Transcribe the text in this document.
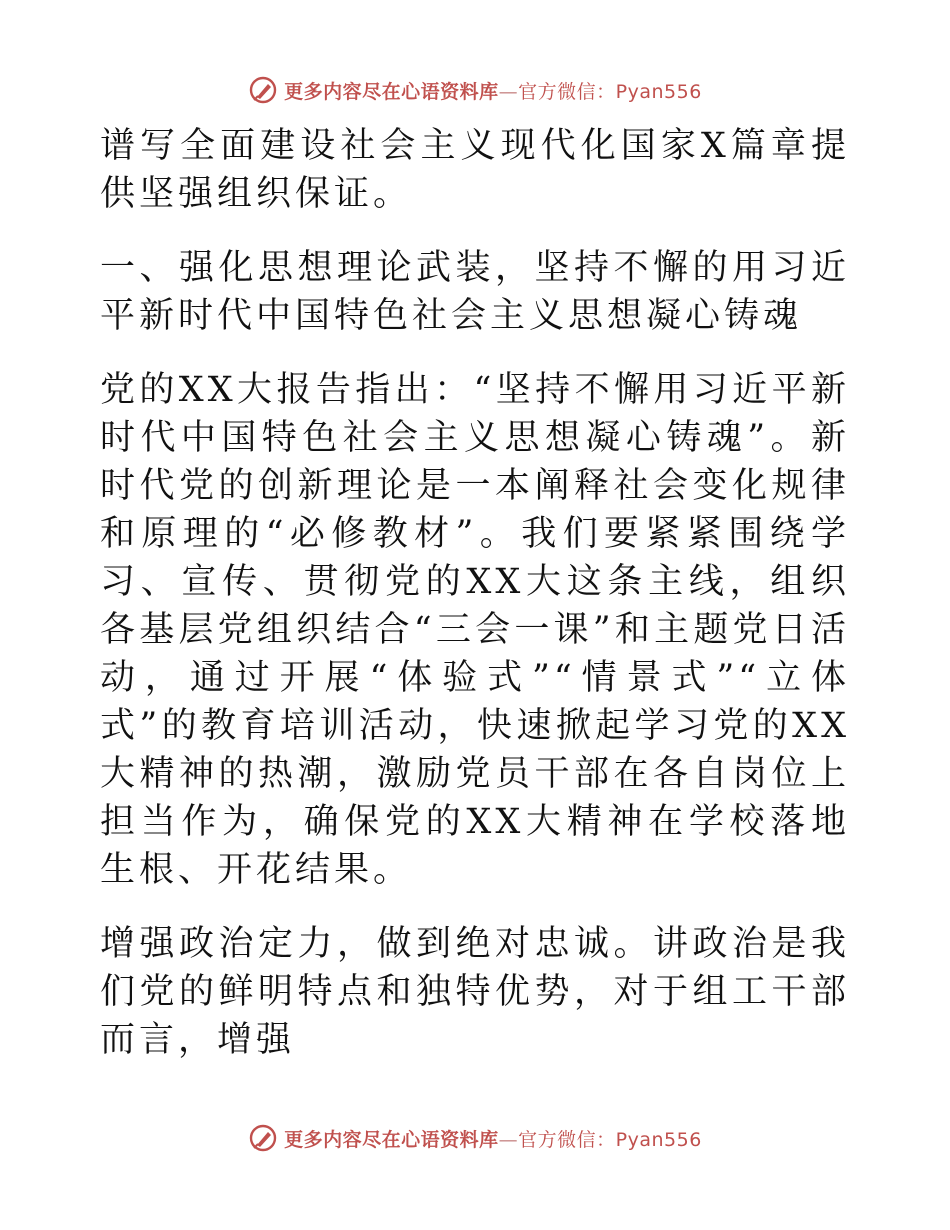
更多内容尽在心语资料库—官方微信：Pyan556

谱写全面建设社会主义现代化国家X篇章提供坚强组织保证。

一、强化思想理论武装，坚持不懈的用习近平新时代中国特色社会主义思想凝心铸魂

党的XX大报告指出：“坚持不懈用习近平新时代中国特色社会主义思想凝心铸魂”。新时代党的创新理论是一本阐释社会变化规律和原理的“必修教材”。我们要紧紧围绕学习、宣传、贯彻党的XX大这条主线，组织各基层党组织结合“三会一课”和主题党日活动，通过开展“体验式”“情景式”“立体式”的教育培训活动，快速掀起学习党的XX大精神的热潮，激励党员干部在各自岗位上担当作为，确保党的XX大精神在学校落地生根、开花结果。

增强政治定力，做到绝对忠诚。讲政治是我们党的鲜明特点和独特优势，对于组工干部而言，增强

更多内容尽在心语资料库—官方微信：Pyan556
